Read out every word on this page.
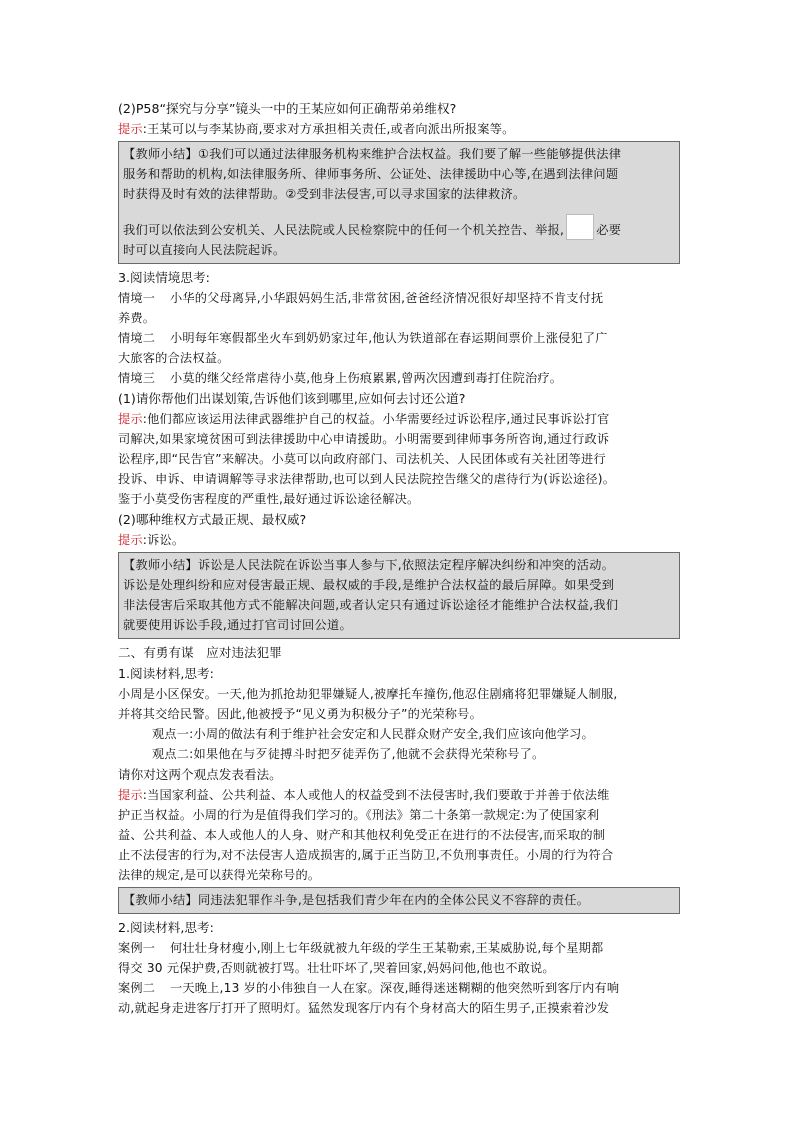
(2)P58“探究与分享”镜头一中的王某应如何正确帮弟弟维权?

提示:王某可以与李某协商,要求对方承担相关责任,或者向派出所报案等。

【教师小结】①我们可以通过法律服务机构来维护合法权益。我们要了解一些能够提供法律

服务和帮助的机构,如法律服务所、律师事务所、公证处、法律援助中心等,在遇到法律问题

时获得及时有效的法律帮助。②受到非法侵害,可以寻求国家的法律救济。

我们可以依法到公安机关、人民法院或人民检察院中的任何一个机关控告、举报,	必要

时可以直接向人民法院起诉。

3.阅读情境思考:

情境一 小华的父母离异,小华跟妈妈生活,非常贫困,爸爸经济情况很好却坚持不肯支付抚

养费。

情境二 小明每年寒假都坐火车到奶奶家过年,他认为铁道部在春运期间票价上涨侵犯了广

大旅客的合法权益。

情境三 小莫的继父经常虐待小莫,他身上伤痕累累,曾两次因遭到毒打住院治疗。

(1)请你帮他们出谋划策,告诉他们该到哪里,应如何去讨还公道?

提示:他们都应该运用法律武器维护自己的权益。小华需要经过诉讼程序,通过民事诉讼打官

司解决,如果家境贫困可到法律援助中心申请援助。小明需要到律师事务所咨询,通过行政诉

讼程序,即“民告官”来解决。小莫可以向政府部门、司法机关、人民团体或有关社团等进行

投诉、申诉、申请调解等寻求法律帮助,也可以到人民法院控告继父的虐待行为(诉讼途径)。

鉴于小莫受伤害程度的严重性,最好通过诉讼途径解决。

(2)哪种维权方式最正规、最权威?

提示:诉讼。

【教师小结】诉讼是人民法院在诉讼当事人参与下,依照法定程序解决纠纷和冲突的活动。

诉讼是处理纠纷和应对侵害最正规、最权威的手段,是维护合法权益的最后屏障。如果受到

非法侵害后采取其他方式不能解决问题,或者认定只有通过诉讼途径才能维护合法权益,我们

就要使用诉讼手段,通过打官司讨回公道。

二、有勇有谋　应对违法犯罪

1.阅读材料,思考:

小周是小区保安。一天,他为抓抢劫犯罪嫌疑人,被摩托车撞伤,他忍住剧痛将犯罪嫌疑人制服,

并将其交给民警。因此,他被授予“见义勇为积极分子”的光荣称号。

观点一:小周的做法有利于维护社会安定和人民群众财产安全,我们应该向他学习。

观点二:如果他在与歹徒搏斗时把歹徒弄伤了,他就不会获得光荣称号了。

请你对这两个观点发表看法。

提示:当国家利益、公共利益、本人或他人的权益受到不法侵害时,我们要敢于并善于依法维

护正当权益。小周的行为是值得我们学习的。《刑法》第二十条第一款规定:为了使国家利

益、公共利益、本人或他人的人身、财产和其他权利免受正在进行的不法侵害,而采取的制

止不法侵害的行为,对不法侵害人造成损害的,属于正当防卫,不负刑事责任。小周的行为符合

法律的规定,是可以获得光荣称号的。

【教师小结】同违法犯罪作斗争,是包括我们青少年在内的全体公民义不容辞的责任。

2.阅读材料,思考:

案例一 何壮壮身材瘦小,刚上七年级就被九年级的学生王某勒索,王某威胁说,每个星期都

得交 30 元保护费,否则就被打骂。壮壮吓坏了,哭着回家,妈妈问他,他也不敢说。

案例二 一天晚上,13 岁的小伟独自一人在家。深夜,睡得迷迷糊糊的他突然听到客厅内有响

动,就起身走进客厅打开了照明灯。猛然发现客厅内有个身材高大的陌生男子,正摸索着沙发
